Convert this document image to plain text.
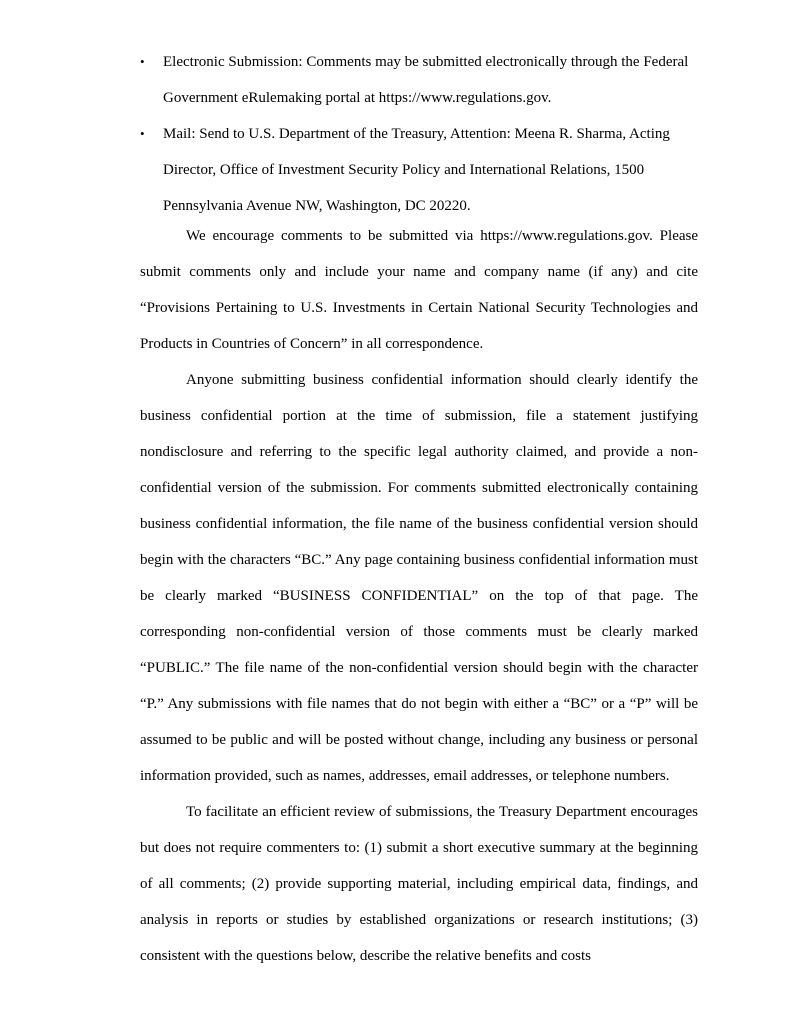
•	Electronic Submission: Comments may be submitted electronically through the Federal Government eRulemaking portal at https://www.regulations.gov.
•	Mail: Send to U.S. Department of the Treasury, Attention: Meena R. Sharma, Acting Director, Office of Investment Security Policy and International Relations, 1500 Pennsylvania Avenue NW, Washington, DC 20220.

We encourage comments to be submitted via https://www.regulations.gov. Please submit comments only and include your name and company name (if any) and cite “Provisions Pertaining to U.S. Investments in Certain National Security Technologies and Products in Countries of Concern” in all correspondence.

Anyone submitting business confidential information should clearly identify the business confidential portion at the time of submission, file a statement justifying nondisclosure and referring to the specific legal authority claimed, and provide a non-confidential version of the submission. For comments submitted electronically containing business confidential information, the file name of the business confidential version should begin with the characters “BC.” Any page containing business confidential information must be clearly marked “BUSINESS CONFIDENTIAL” on the top of that page. The corresponding non-confidential version of those comments must be clearly marked “PUBLIC.” The file name of the non-confidential version should begin with the character “P.” Any submissions with file names that do not begin with either a “BC” or a “P” will be assumed to be public and will be posted without change, including any business or personal information provided, such as names, addresses, email addresses, or telephone numbers.

To facilitate an efficient review of submissions, the Treasury Department encourages but does not require commenters to: (1) submit a short executive summary at the beginning of all comments; (2) provide supporting material, including empirical data, findings, and analysis in reports or studies by established organizations or research institutions; (3) consistent with the questions below, describe the relative benefits and costs
